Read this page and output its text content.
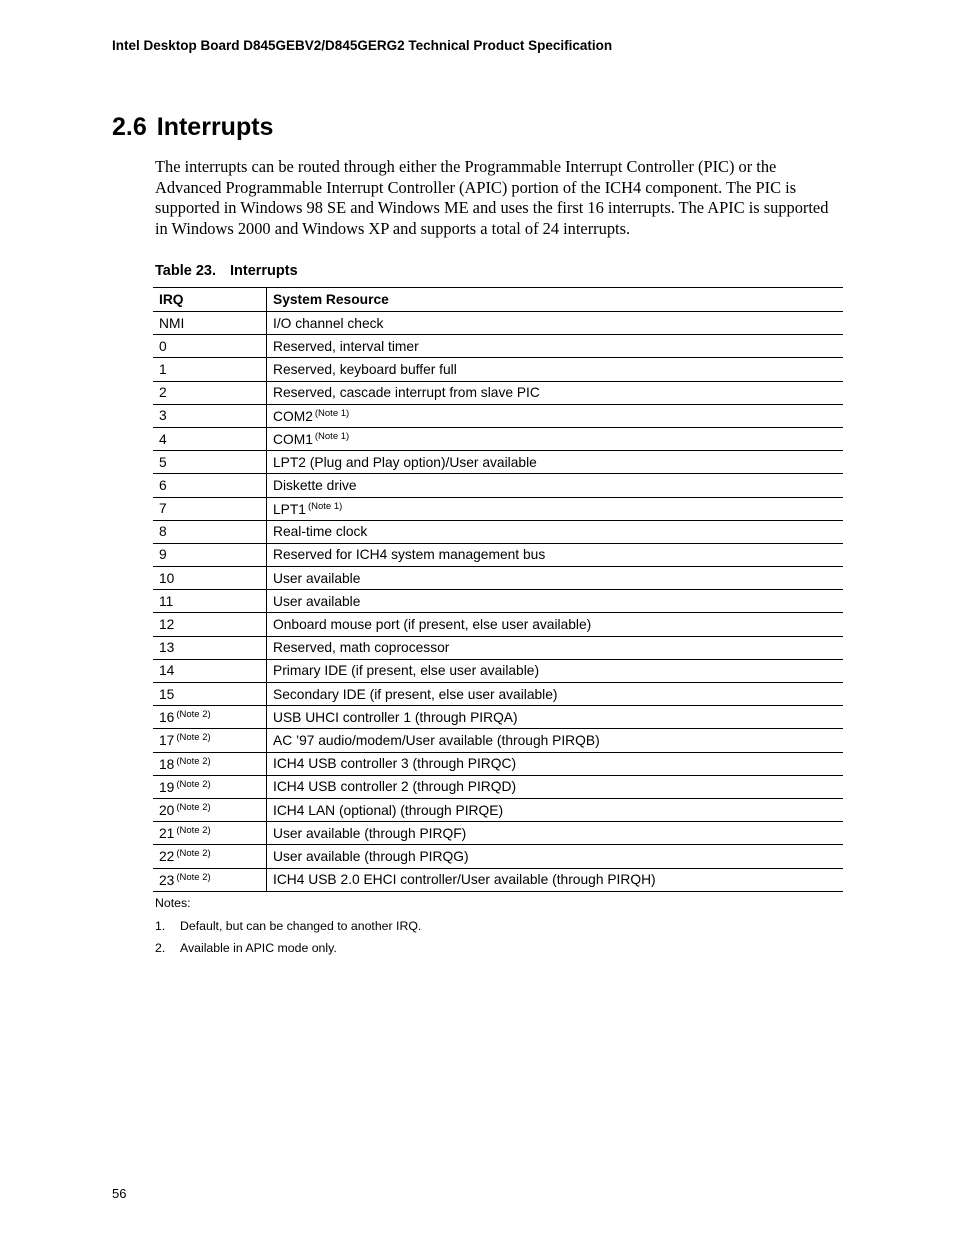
Intel Desktop Board D845GEBV2/D845GERG2 Technical Product Specification
2.6 Interrupts

The interrupts can be routed through either the Programmable Interrupt Controller (PIC) or the Advanced Programmable Interrupt Controller (APIC) portion of the ICH4 component. The PIC is supported in Windows 98 SE and Windows ME and uses the first 16 interrupts. The APIC is supported in Windows 2000 and Windows XP and supports a total of 24 interrupts.

Table 23. Interrupts
IRQ	System Resource
NMI	I/O channel check
0	Reserved, interval timer
1	Reserved, keyboard buffer full
2	Reserved, cascade interrupt from slave PIC
3	COM2 $^{(Note 1)}$
4	COM1 $^{(Note 1)}$
5	LPT2 (Plug and Play option)/User available
6	Diskette drive
7	LPT1 $^{(Note 1)}$
8	Real-time clock
9	Reserved for ICH4 system management bus
10	User available
11	User available
12	Onboard mouse port (if present, else user available)
13	Reserved, math coprocessor
14	Primary IDE (if present, else user available)
15	Secondary IDE (if present, else user available)
16 $^{(Note 2)}$	USB UHCI controller 1 (through PIRQA)
17 $^{(Note 2)}$	AC ’97 audio/modem/User available (through PIRQB)
18 $^{(Note 2)}$	ICH4 USB controller 3 (through PIRQC)
19 $^{(Note 2)}$	ICH4 USB controller 2 (through PIRQD)
20 $^{(Note 2)}$	ICH4 LAN (optional) (through PIRQE)
21 $^{(Note 2)}$	User available (through PIRQF)
22 $^{(Note 2)}$	User available (through PIRQG)
23 $^{(Note 2)}$	ICH4 USB 2.0 EHCI controller/User available (through PIRQH)
Notes:
1. Default, but can be changed to another IRQ.
2. Available in APIC mode only.
56
